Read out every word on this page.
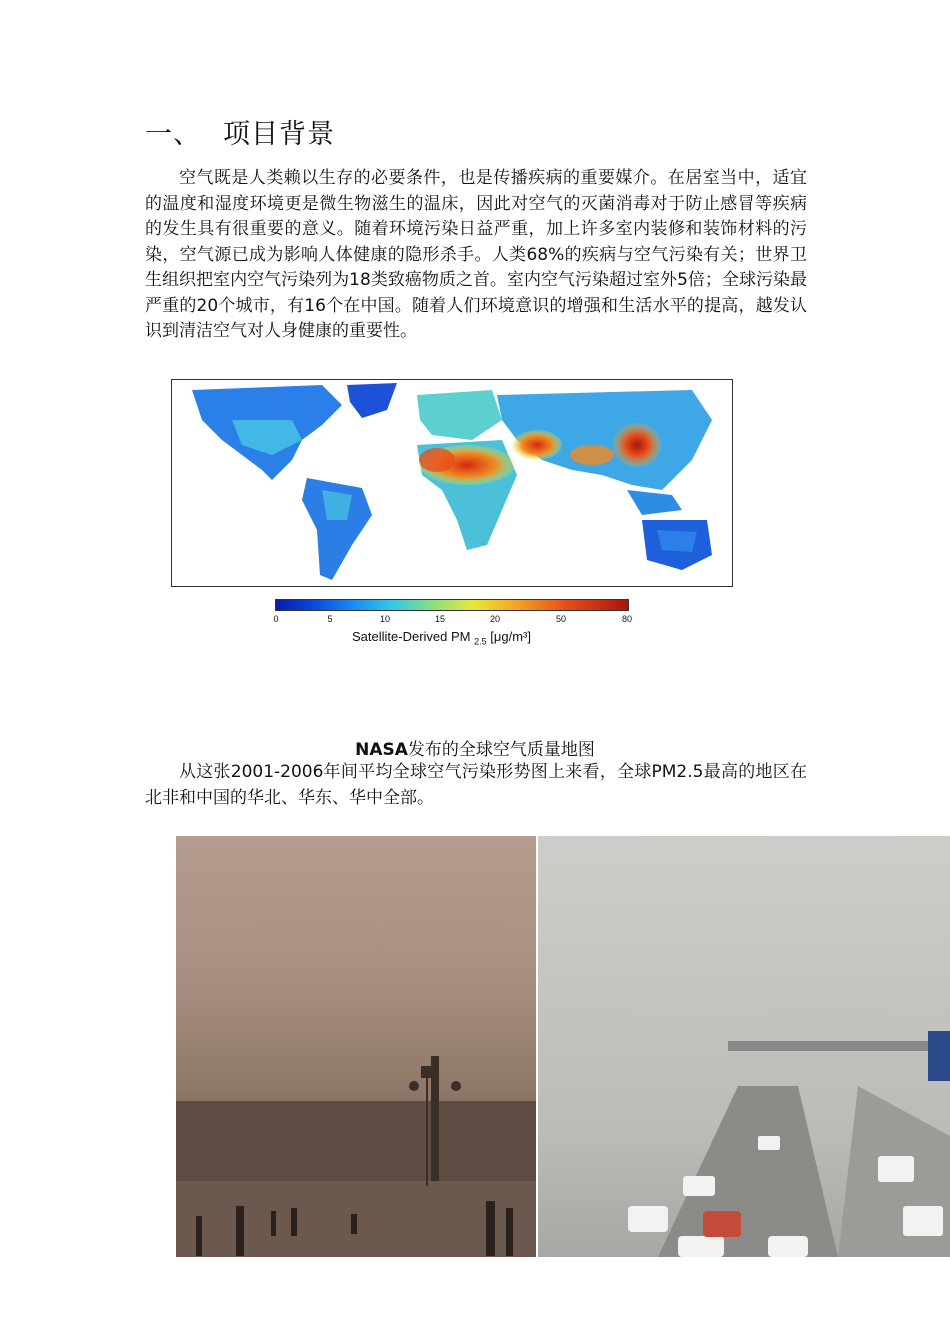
一、 项目背景

空气既是人类赖以生存的必要条件，也是传播疾病的重要媒介。在居室当中，适宜的温度和湿度环境更是微生物滋生的温床，因此对空气的灭菌消毒对于防止感冒等疾病的发生具有很重要的意义。随着环境污染日益严重，加上许多室内装修和装饰材料的污染，空气源已成为影响人体健康的隐形杀手。人类68%的疾病与空气污染有关；世界卫生组织把室内空气污染列为18类致癌物质之首。室内空气污染超过室外5倍；全球污染最严重的20个城市，有16个在中国。随着人们环境意识的增强和生活水平的提高，越发认识到清洁空气对人身健康的重要性。

0	5	10	15	20	50	80
Satellite-Derived PM $_{2.5}$ [μg/m³]
NASA发布的全球空气质量地图

从这张2001-2006年间平均全球空气污染形势图上来看，全球PM2.5最高的地区在北非和中国的华北、华东、华中全部。
